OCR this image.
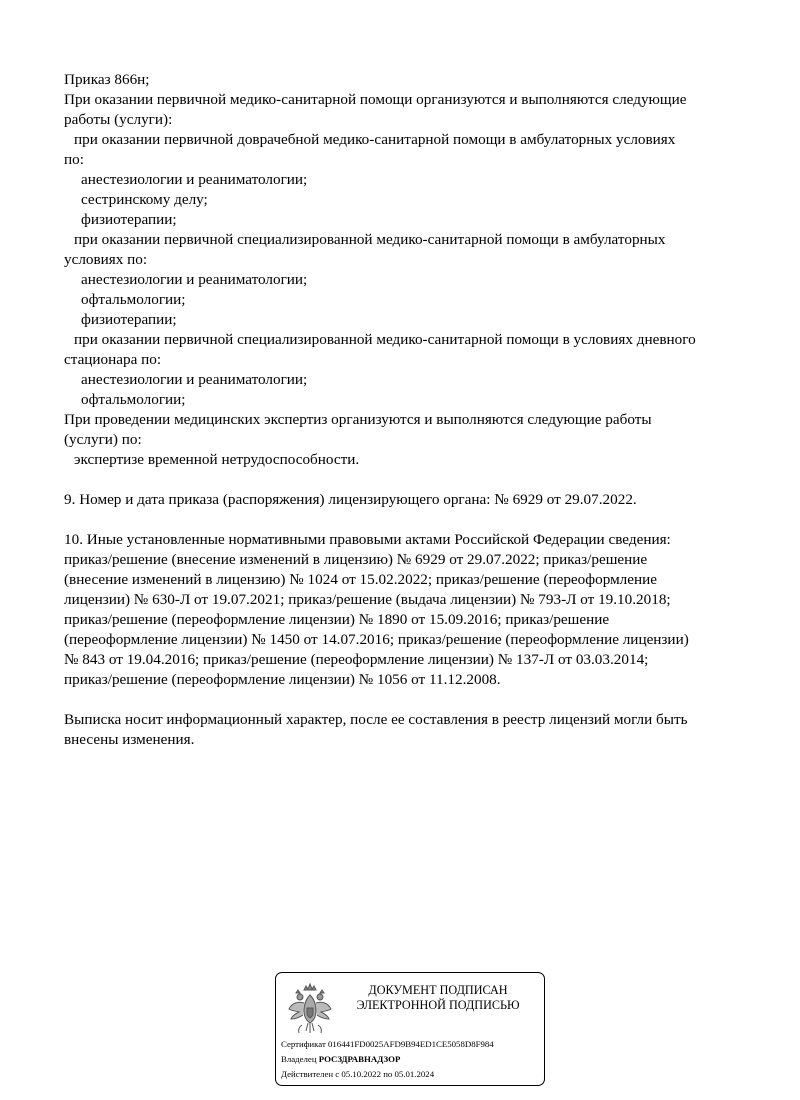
Приказ 866н;
При оказании первичной медико-санитарной помощи организуются и выполняются следующие
работы (услуги):
при оказании первичной доврачебной медико-санитарной помощи в амбулаторных условиях
по:
анестезиологии и реаниматологии;
сестринскому делу;
физиотерапии;
при оказании первичной специализированной медико-санитарной помощи в амбулаторных
условиях по:
анестезиологии и реаниматологии;
офтальмологии;
физиотерапии;
при оказании первичной специализированной медико-санитарной помощи в условиях дневного
стационара по:
анестезиологии и реаниматологии;
офтальмологии;
При проведении медицинских экспертиз организуются и выполняются следующие работы
(услуги) по:
экспертизе временной нетрудоспособности.
9. Номер и дата приказа (распоряжения) лицензирующего органа: № 6929 от 29.07.2022.
10. Иные установленные нормативными правовыми актами Российской Федерации сведения:
приказ/решение (внесение изменений в лицензию) № 6929 от 29.07.2022; приказ/решение
(внесение изменений в лицензию) № 1024 от 15.02.2022; приказ/решение (переоформление
лицензии) № 630-Л от 19.07.2021; приказ/решение (выдача лицензии) № 793-Л от 19.10.2018;
приказ/решение (переоформление лицензии) № 1890 от 15.09.2016; приказ/решение
(переоформление лицензии) № 1450 от 14.07.2016; приказ/решение (переоформление лицензии)
№ 843 от 19.04.2016; приказ/решение (переоформление лицензии) № 137-Л от 03.03.2014;
приказ/решение (переоформление лицензии) № 1056 от 11.12.2008.
Выписка носит информационный характер, после ее составления в реестр лицензий могли быть
внесены изменения.
ДОКУМЕНТ ПОДПИСАН
ЭЛЕКТРОННОЙ ПОДПИСЬЮ
Сертификат 016441FD0025AFD9B94ED1CE5058D8F984
Владелец РОСЗДРАВНАДЗОР
Действителен с 05.10.2022 по 05.01.2024
